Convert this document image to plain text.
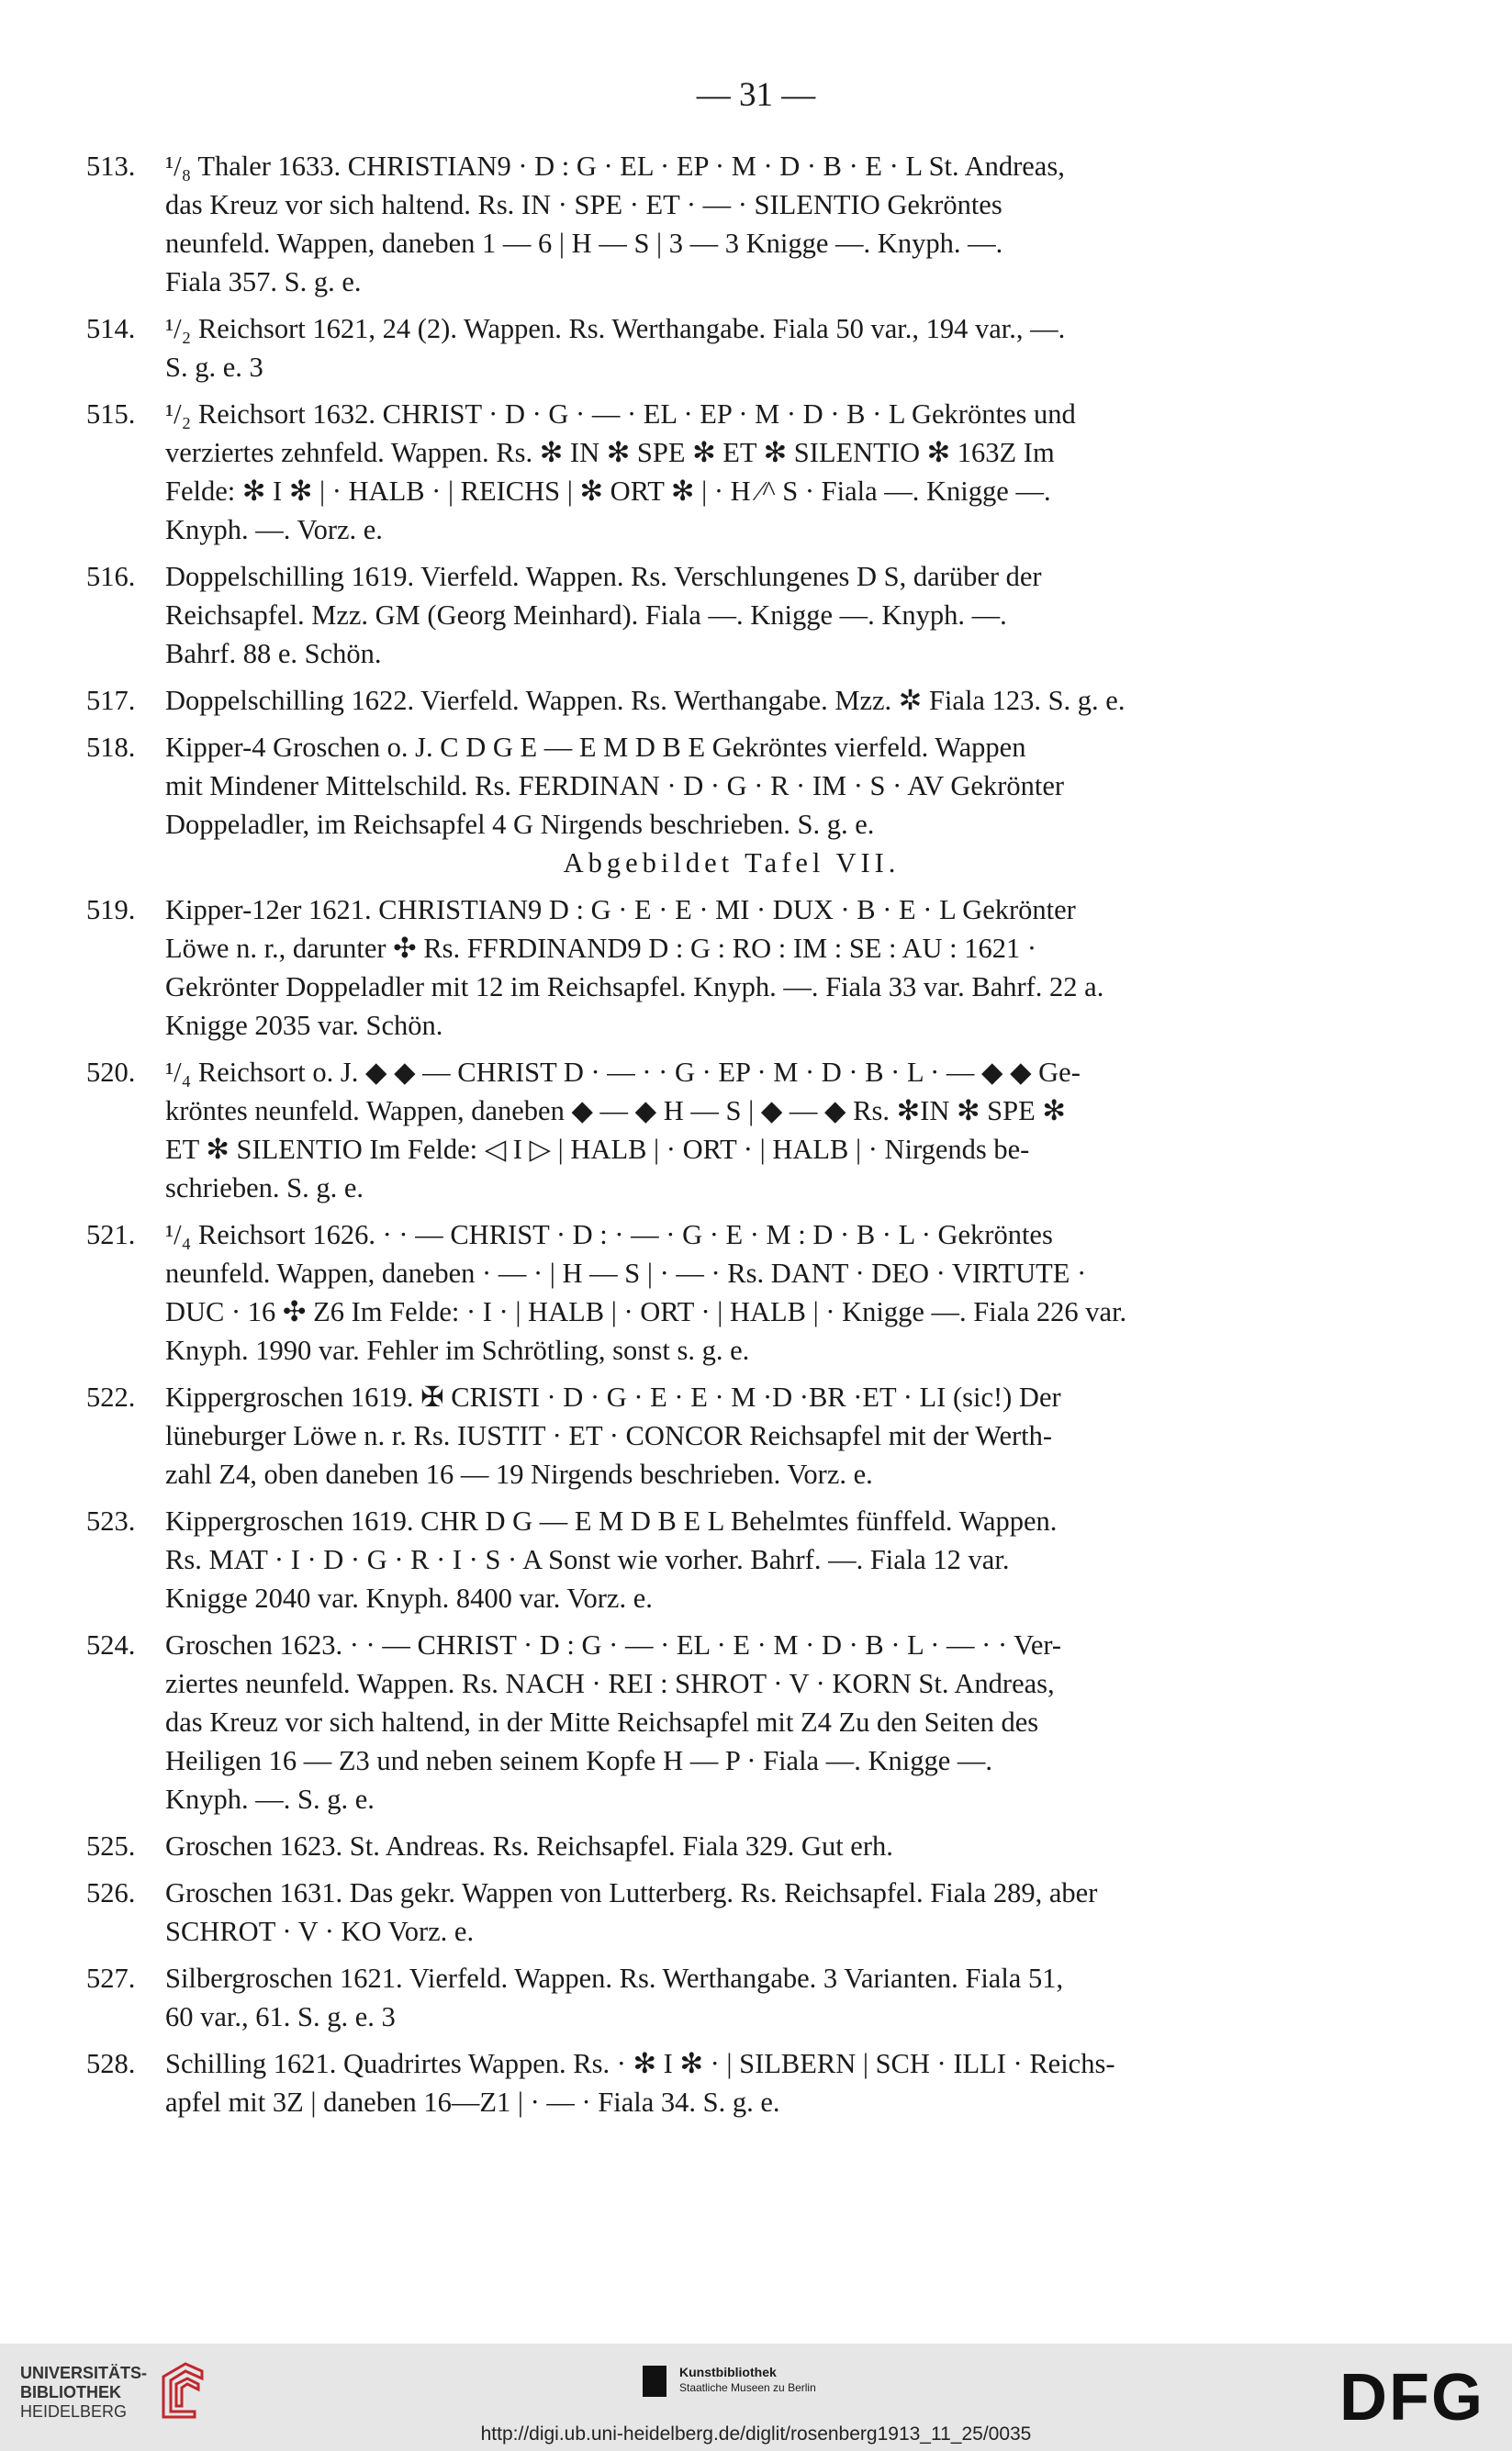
— 31 —
513. ¹/₈ Thaler 1633. CHRISTIAN9 · D : G · EL · EP · M · D · B · E · L St. Andreas,
das Kreuz vor sich haltend. Rs. IN · SPE · ET · — · SILENTIO Gekröntes
neunfeld. Wappen, daneben 1 — 6 | H — S | 3 — 3 Knigge —. Knyph. —.
Fiala 357. S. g. e.
514. ¹/₂ Reichsort 1621, 24 (2). Wappen. Rs. Werthangabe. Fiala 50 var., 194 var., —.
S. g. e. 3
515. ¹/₂ Reichsort 1632. CHRIST · D · G · — · EL · EP · M · D · B · L Gekröntes und
verziertes zehnfeld. Wappen. Rs. ✻ IN ✻ SPE ✻ ET ✻ SILENTIO ✻ 163Z Im
Felde: ✻ I ✻ | · HALB · | REICHS | ✻ ORT ✻ | · H ⁄^ S · Fiala —. Knigge —.
Knyph. —. Vorz. e.
516. Doppelschilling 1619. Vierfeld. Wappen. Rs. Verschlungenes D S, darüber der
Reichsapfel. Mzz. GM (Georg Meinhard). Fiala —. Knigge —. Knyph. —.
Bahrf. 88 e. Schön.
517. Doppelschilling 1622. Vierfeld. Wappen. Rs. Werthangabe. Mzz. ✲ Fiala 123. S. g. e.
518. Kipper-4 Groschen o. J. C D G E — E M D B E Gekröntes vierfeld. Wappen
mit Mindener Mittelschild. Rs. FERDINAN · D · G · R · IM · S · AV Gekrönter
Doppeladler, im Reichsapfel 4 G Nirgends beschrieben. S. g. e.
Abgebildet Tafel VII.
519. Kipper-12er 1621. CHRISTIAN9 D : G · E · E · MI · DUX · B · E · L Gekrönter
Löwe n. r., darunter ✣ Rs. FFRDINAND9 D : G : RO : IM : SE : AU : 1621 ·
Gekrönter Doppeladler mit 12 im Reichsapfel. Knyph. —. Fiala 33 var. Bahrf. 22 a.
Knigge 2035 var. Schön.
520. ¹/₄ Reichsort o. J. ◆ ◆ — CHRIST D · — · · G · EP · M · D · B · L · — ◆ ◆ Ge-
kröntes neunfeld. Wappen, daneben ◆ — ◆ H — S | ◆ — ◆ Rs. ✻IN ✻ SPE ✻
ET ✻ SILENTIO Im Felde: ◁ I ▷ | HALB | · ORT · | HALB | · Nirgends be-
schrieben. S. g. e.
521. ¹/₄ Reichsort 1626. · · — CHRIST · D : · — · G · E · M : D · B · L · Gekröntes
neunfeld. Wappen, daneben · — · | H — S | · — · Rs. DANT · DEO · VIRTUTE ·
DUC · 16 ✣ Z6 Im Felde: · I · | HALB | · ORT · | HALB | · Knigge —. Fiala 226 var.
Knyph. 1990 var. Fehler im Schrötling, sonst s. g. e.
522. Kippergroschen 1619. ✠ CRISTI · D · G · E · E · M ·D ·BR ·ET · LI (sic!) Der
lüneburger Löwe n. r. Rs. IUSTIT · ET · CONCOR Reichsapfel mit der Werth-
zahl Z4, oben daneben 16 — 19 Nirgends beschrieben. Vorz. e.
523. Kippergroschen 1619. CHR D G — E M D B E L Behelmtes fünffeld. Wappen.
Rs. MAT · I · D · G · R · I · S · A Sonst wie vorher. Bahrf. —. Fiala 12 var.
Knigge 2040 var. Knyph. 8400 var. Vorz. e.
524. Groschen 1623. · · — CHRIST · D : G · — · EL · E · M · D · B · L · — · · Ver-
ziertes neunfeld. Wappen. Rs. NACH · REI : SHROT · V · KORN St. Andreas,
das Kreuz vor sich haltend, in der Mitte Reichsapfel mit Z4 Zu den Seiten des
Heiligen 16 — Z3 und neben seinem Kopfe H — P · Fiala —. Knigge —.
Knyph. —. S. g. e.
525. Groschen 1623. St. Andreas. Rs. Reichsapfel. Fiala 329. Gut erh.
526. Groschen 1631. Das gekr. Wappen von Lutterberg. Rs. Reichsapfel. Fiala 289, aber
SCHROT · V · KO Vorz. e.
527. Silbergroschen 1621. Vierfeld. Wappen. Rs. Werthangabe. 3 Varianten. Fiala 51,
60 var., 61. S. g. e. 3
528. Schilling 1621. Quadrirtes Wappen. Rs. · ✻ I ✻ · | SILBERN | SCH · ILLI · Reichs-
apfel mit 3Z | daneben 16—Z1 | · — · Fiala 34. S. g. e.
UNIVERSITÄTS-
BIBLIOTHEK
HEIDELBERG
Kunstbibliothek
Staatliche Museen zu Berlin	DFG
http://digi.ub.uni-heidelberg.de/diglit/rosenberg1913_11_25/0035
